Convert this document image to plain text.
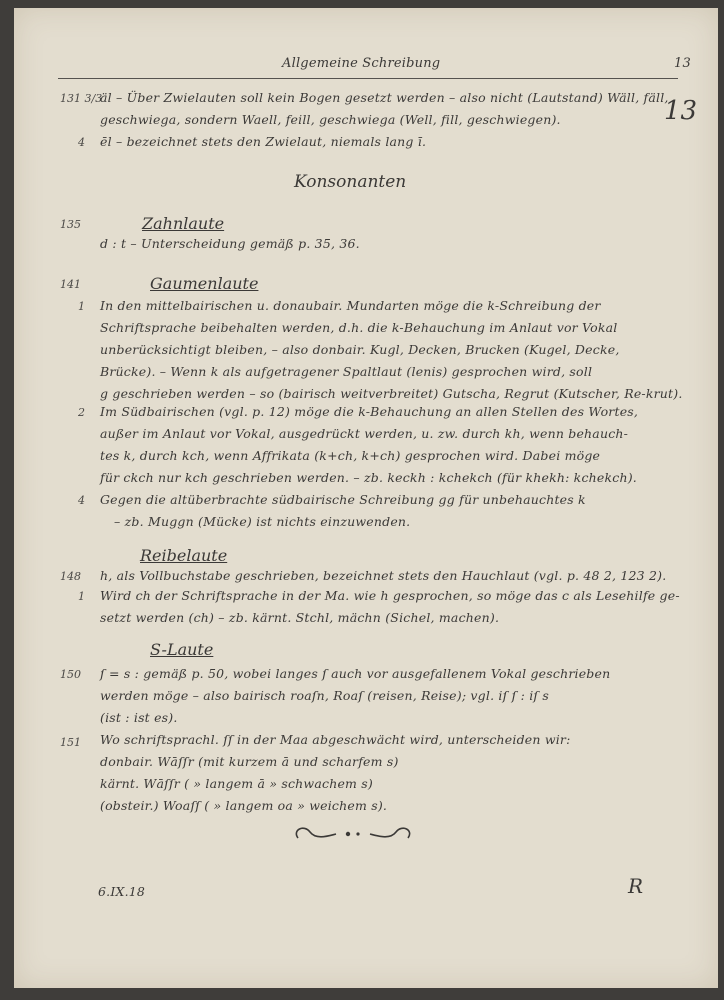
Allgemeine Schreibung	13
13
131 3/3
äl – Über Zwielauten soll kein Bogen gesetzt werden – also nicht (Lautstand) Wäll, fäll,
geschwiega, sondern Waell, feill, geschwiega (Well, fill, geschwiegen).
4 ēl – bezeichnet stets den Zwielaut, niemals lang ī.
Konsonanten
135	Zahnlaute
d : t – Unterscheidung gemäß p. 35, 36.
141	Gaumenlaute
1 In den mittelbairischen u. donaubair. Mundarten möge die k-Schreibung der
Schriftsprache beibehalten werden, d.h. die k-Behauchung im Anlaut vor Vokal
unberücksichtigt bleiben, – also donbair. Kugl, Decken, Brucken (Kugel, Decke,
Brücke). – Wenn k als aufgetragener Spaltlaut (lenis) gesprochen wird, soll
g geschrieben werden – so (bairisch weitverbreitet) Gutscha, Regrut (Kutscher, Re-krut).
2 Im Südbairischen (vgl. p. 12) möge die k-Behauchung an allen Stellen des Wortes,
außer im Anlaut vor Vokal, ausgedrückt werden, u. zw. durch kh, wenn behauch-
tes k, durch kch, wenn Affrikata (k+ch, k+ch) gesprochen wird. Dabei möge
für ckch nur kch geschrieben werden. – zb. keckh : kchekch (für khekh: kchekch).
4 Gegen die altüberbrachte südbairische Schreibung gg für unbehauchtes k
– zb. Muggn (Mücke) ist nichts einzuwenden.
Reibelaute
148 h, als Vollbuchstabe geschrieben, bezeichnet stets den Hauchlaut (vgl. p. 48 2, 123 2).
1 Wird ch der Schriftsprache in der Ma. wie h gesprochen, so möge das c als Lesehilfe ge-
setzt werden (ch) – zb. kärnt. Stchl, mächn (Sichel, machen).
S-Laute
150 ſ = s : gemäß p. 50, wobei langes ſ auch vor ausgefallenem Vokal geschrieben
werden möge – also bairisch roaſn, Roaſ (reisen, Reise); vgl. iſ ſ : iſ s
(ist : ist es).
151 Wo schriftsprachl. ſſ in der Maa abgeschwächt wird, unterscheiden wir:
donbair. Wāſſr (mit kurzem ā und scharfem s)
kärnt. Wāſſr ( » langem ā » schwachem s)
(obsteir.) Woaſſ ( » langem oa » weichem s).
6.IX.18	R
